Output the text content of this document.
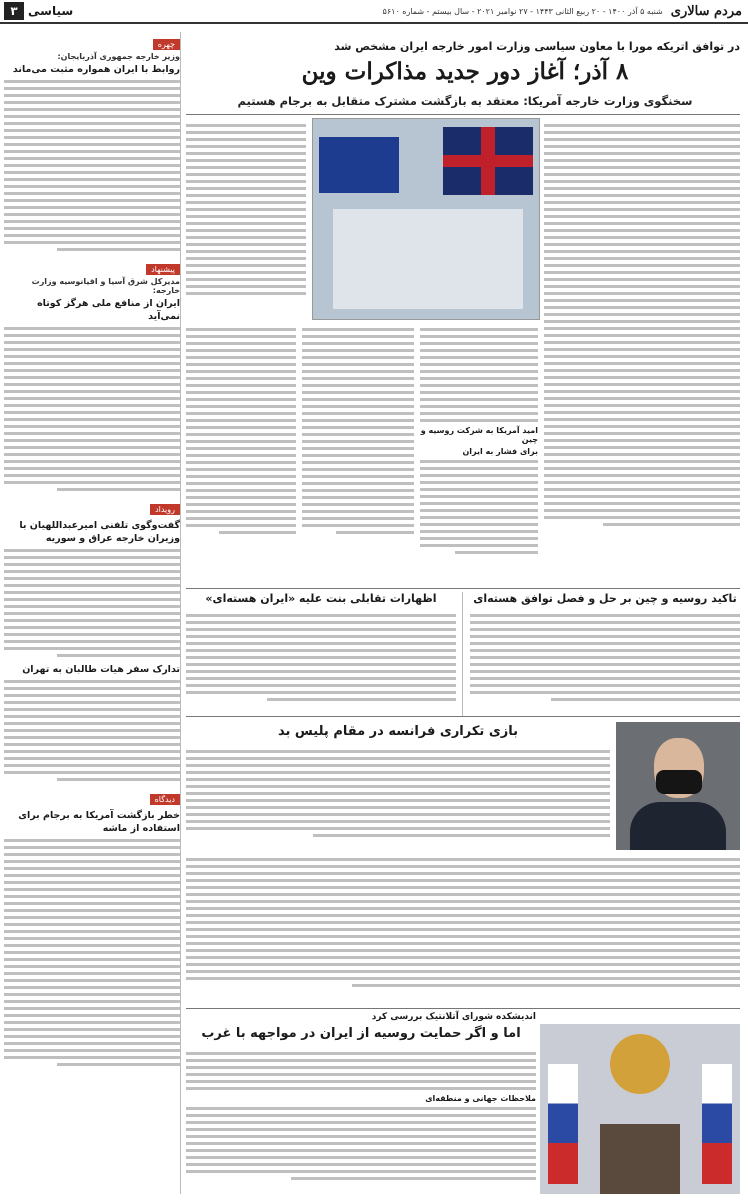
مردم سالاری
شنبه ۵ آذر ۱۴۰۰ - ۲۰ ربیع الثانی ۱۴۴۳ - ۲۷ نوامبر ۲۰۲۱ - سال بیستم - شماره ۵۶۱۰
سیاسی
۳
چهره
وزیر خارجه جمهوری آذربایجان:
روابط با ایران همواره مثبت می‌ماند
پیشنهاد
مدیرکل شرق آسیا و اقیانوسیه وزارت خارجه:
ایران از منافع ملی هرگز کوتاه نمی‌آید
رویداد
گفت‌وگوی تلفنی امیرعبداللهیان با وزیران خارجه عراق و سوریه
تدارک سفر هیات طالبان به تهران
دیدگاه
خطر بازگشت آمریکا به برجام برای استفاده از ماشه
در توافق اتریکه مورا با معاون سیاسی وزارت امور خارجه ایران مشخص شد
۸ آذر؛ آغاز دور جدید مذاکرات وین
سخنگوی وزارت خارجه آمریکا: معتقد به بازگشت مشترک متقابل به برجام هستیم
امید آمریکا به شرکت روسیه و چین
برای فشار به ایران
تاکید روسیه و چین بر حل و فصل توافق هسته‌ای
اظهارات تقابلی بنت علیه «ایران هسته‌ای»
بازی تکراری فرانسه در مقام پلیس بد
اندیشکده شورای آتلانتیک بررسی کرد
اما و اگر حمایت روسیه از ایران در مواجهه با غرب
ملاحظات جهانی و منطقه‌ای
